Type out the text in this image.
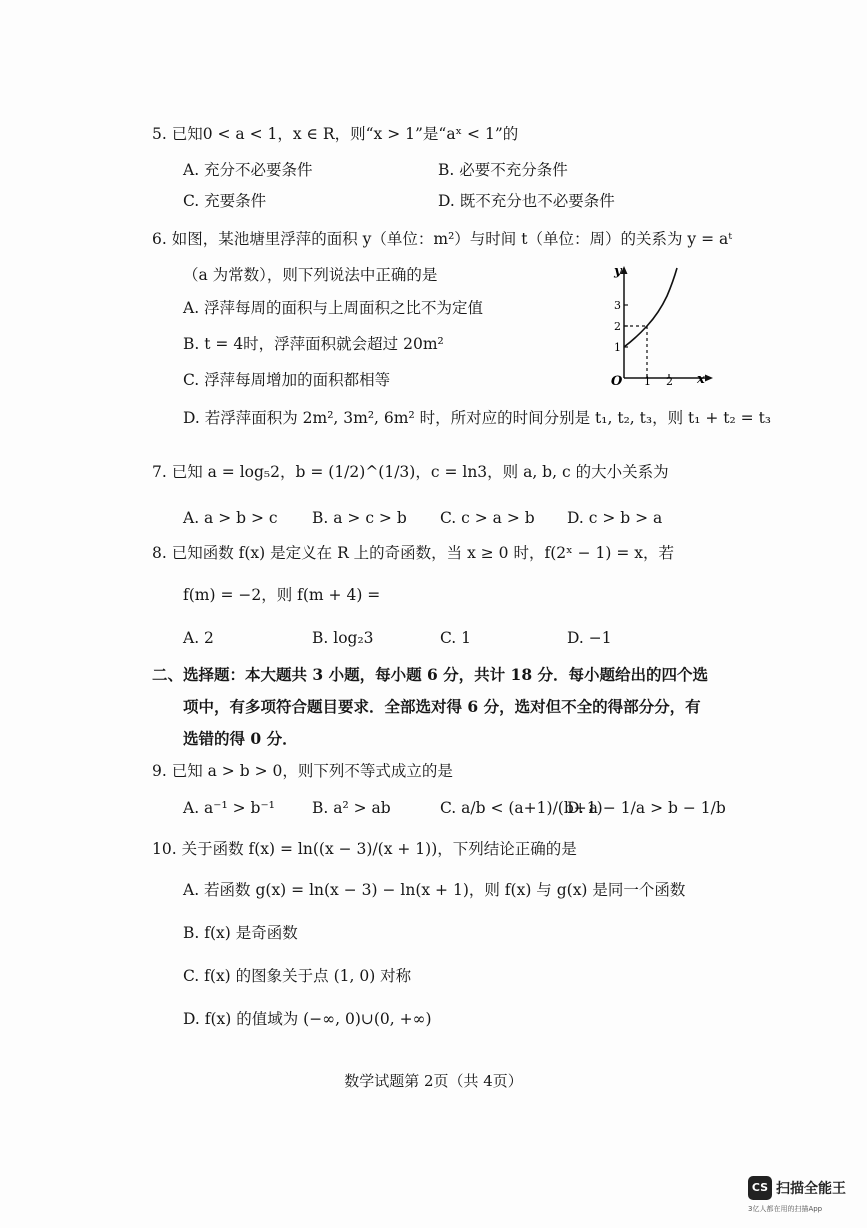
5. 已知0 < a < 1，x ∈ R，则“x > 1”是“aˣ < 1”的
A. 充分不必要条件	B. 必要不充分条件
C. 充要条件	D. 既不充分也不必要条件
6. 如图，某池塘里浮萍的面积 y（单位：m²）与时间 t（单位：周）的关系为 y = aᵗ
（a 为常数），则下列说法中正确的是
A. 浮萍每周的面积与上周面积之比不为定值
B. t = 4时，浮萍面积就会超过 20m²
C. 浮萍每周增加的面积都相等
D. 若浮萍面积为 2m², 3m², 6m² 时，所对应的时间分别是 t₁, t₂, t₃，则 t₁ + t₂ = t₃
y
x
O
1
2
3
1 2
7. 已知 a = log₅2，b = (1/2)^(1/3)，c = ln3，则 a, b, c 的大小关系为
A. a > b > c B. a > c > b C. c > a > b D. c > b > a
8. 已知函数 f(x) 是定义在 R 上的奇函数，当 x ≥ 0 时，f(2ˣ − 1) = x，若
f(m) = −2，则 f(m + 4) =
A. 2	B. log₂3	C. 1	D. −1
二、选择题：本大题共 3 小题，每小题 6 分，共计 18 分．每小题给出的四个选
项中，有多项符合题目要求．全部选对得 6 分，选对但不全的得部分分，有
选错的得 0 分．
9. 已知 a > b > 0，则下列不等式成立的是
A. a⁻¹ > b⁻¹ B. a² > ab	C. a/b < (a+1)/(b+1)
D. a − 1/a > b − 1/b
10. 关于函数 f(x) = ln((x − 3)/(x + 1))，下列结论正确的是
A. 若函数 g(x) = ln(x − 3) − ln(x + 1)，则 f(x) 与 g(x) 是同一个函数
B. f(x) 是奇函数
C. f(x) 的图象关于点 (1, 0) 对称
D. f(x) 的值域为 (−∞, 0)∪(0, +∞)
数学试题第 2页（共 4页）
CS 扫描全能王
3亿人都在用的扫描App
